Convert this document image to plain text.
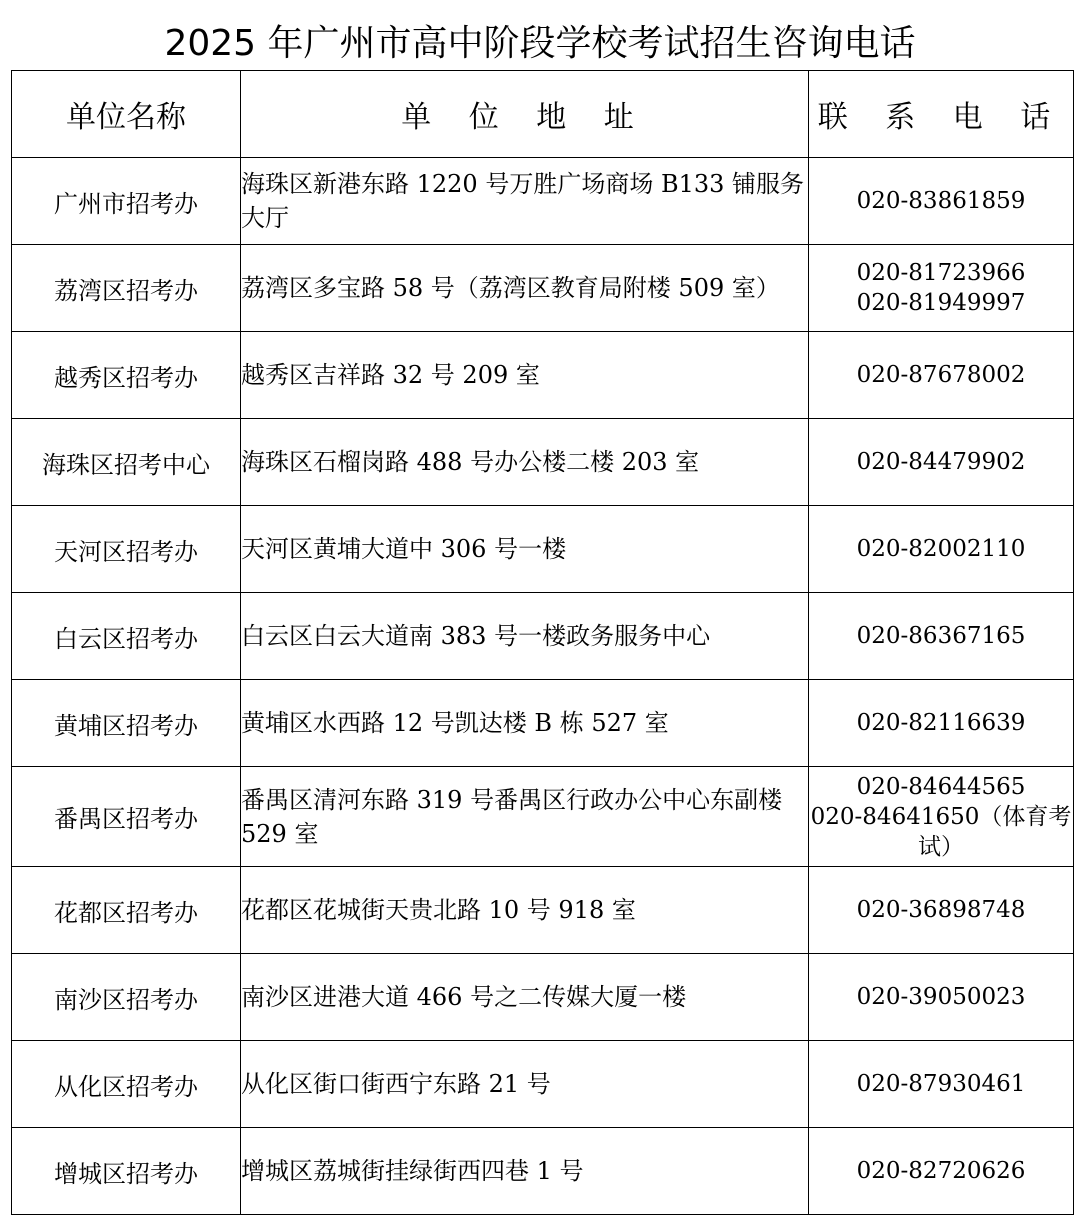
2025 年广州市高中阶段学校考试招生咨询电话
单位名称	单 位 地 址	联 系 电 话
广州市招考办	海珠区新港东路 1220 号万胜广场商场 B133 铺服务大厅	020-83861859

荔湾区招考办	荔湾区多宝路 58 号（荔湾区教育局附楼 509 室）	020-81723966
020-81949997

越秀区招考办	越秀区吉祥路 32 号 209 室	020-87678002

海珠区招考中心	海珠区石榴岗路 488 号办公楼二楼 203 室	020-84479902

天河区招考办	天河区黄埔大道中 306 号一楼	020-82002110

白云区招考办	白云区白云大道南 383 号一楼政务服务中心	020-86367165

黄埔区招考办	黄埔区水西路 12 号凯达楼 B 栋 527 室	020-82116639

番禺区招考办	番禺区清河东路 319 号番禺区行政办公中心东副楼 529 室	020-84644565
020-84641650（体育考试）

花都区招考办	花都区花城街天贵北路 10 号 918 室	020-36898748

南沙区招考办	南沙区进港大道 466 号之二传媒大厦一楼	020-39050023

从化区招考办	从化区街口街西宁东路 21 号	020-87930461

增城区招考办	增城区荔城街挂绿街西四巷 1 号	020-82720626
